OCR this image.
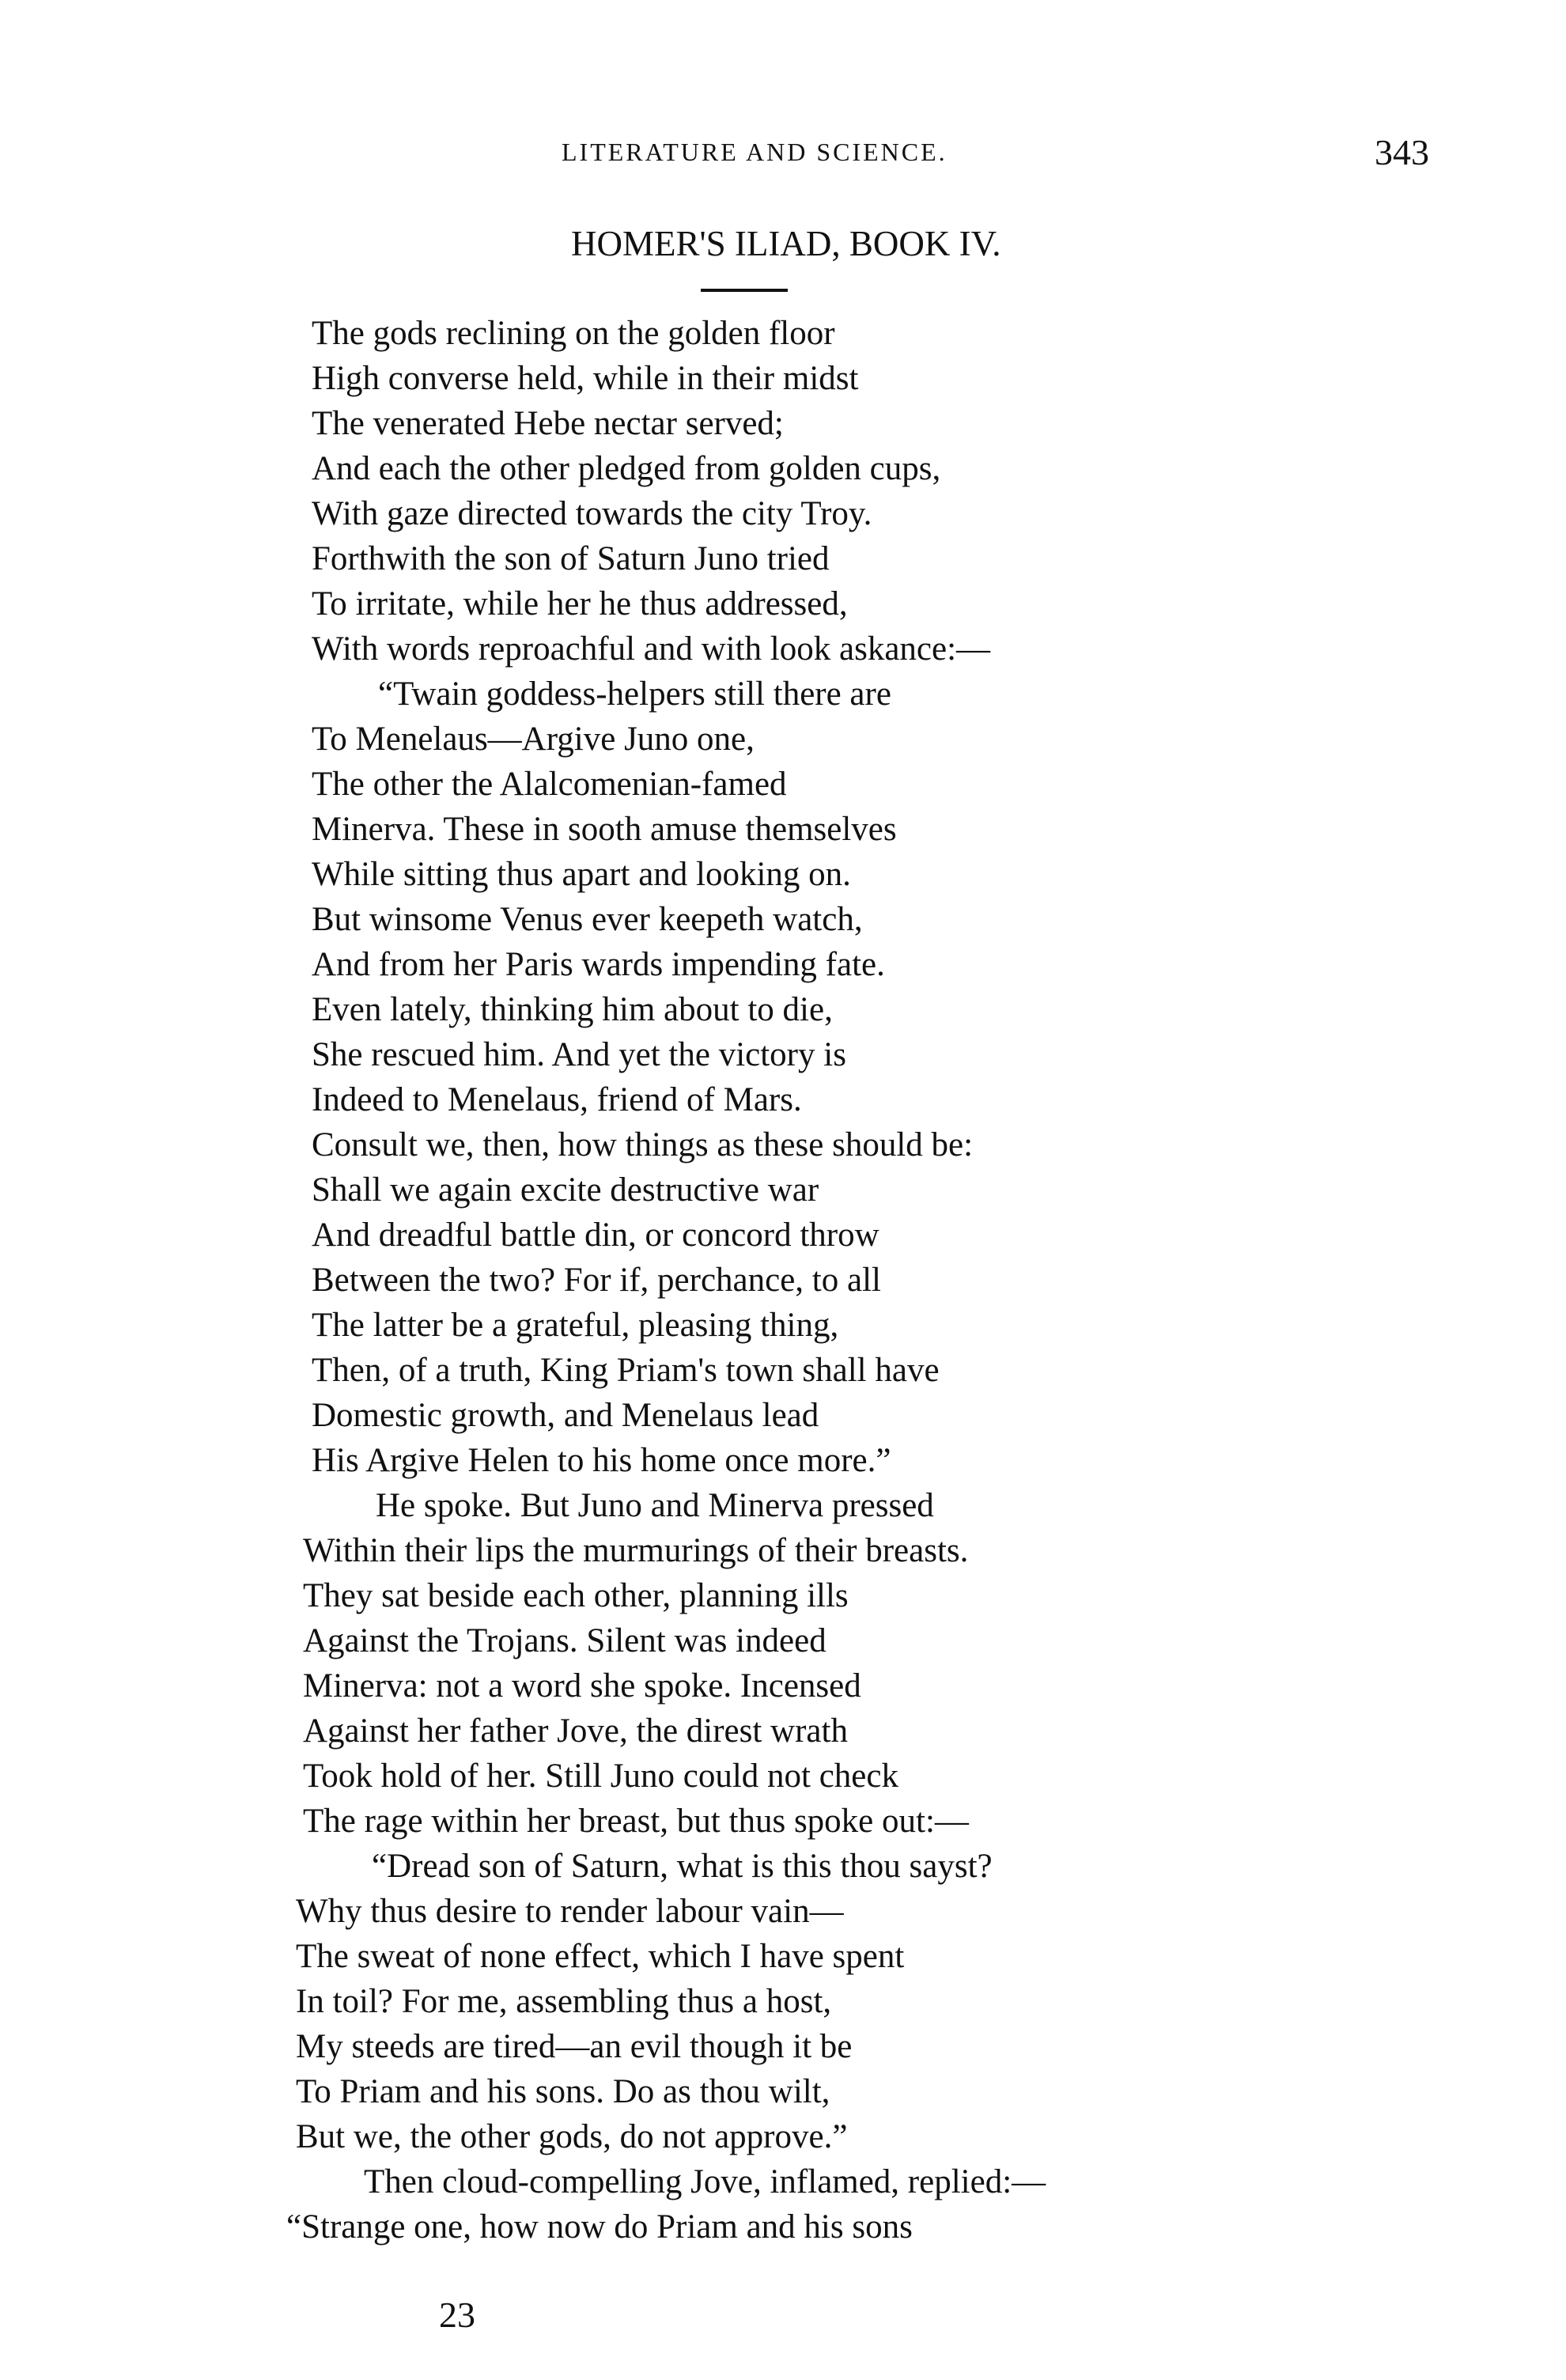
LITERATURE AND SCIENCE.	343
HOMER'S ILIAD, BOOK IV.
The gods reclining on the golden floor
High converse held, while in their midst
The venerated Hebe nectar served;
And each the other pledged from golden cups,
With gaze directed towards the city Troy.
Forthwith the son of Saturn Juno tried
To irritate, while her he thus addressed,
With words reproachful and with look askance:—
“Twain goddess-helpers still there are
To Menelaus—Argive Juno one,
The other the Alalcomenian-famed
Minerva. These in sooth amuse themselves
While sitting thus apart and looking on.
But winsome Venus ever keepeth watch,
And from her Paris wards impending fate.
Even lately, thinking him about to die,
She rescued him. And yet the victory is
Indeed to Menelaus, friend of Mars.
Consult we, then, how things as these should be:
Shall we again excite destructive war
And dreadful battle din, or concord throw
Between the two? For if, perchance, to all
The latter be a grateful, pleasing thing,
Then, of a truth, King Priam's town shall have
Domestic growth, and Menelaus lead
His Argive Helen to his home once more.”
He spoke. But Juno and Minerva pressed
Within their lips the murmurings of their breasts.
They sat beside each other, planning ills
Against the Trojans. Silent was indeed
Minerva: not a word she spoke. Incensed
Against her father Jove, the direst wrath
Took hold of her. Still Juno could not check
The rage within her breast, but thus spoke out:—
“Dread son of Saturn, what is this thou sayst?
Why thus desire to render labour vain—
The sweat of none effect, which I have spent
In toil? For me, assembling thus a host,
My steeds are tired—an evil though it be
To Priam and his sons. Do as thou wilt,
But we, the other gods, do not approve.”
Then cloud-compelling Jove, inflamed, replied:—
“Strange one, how now do Priam and his sons
23
